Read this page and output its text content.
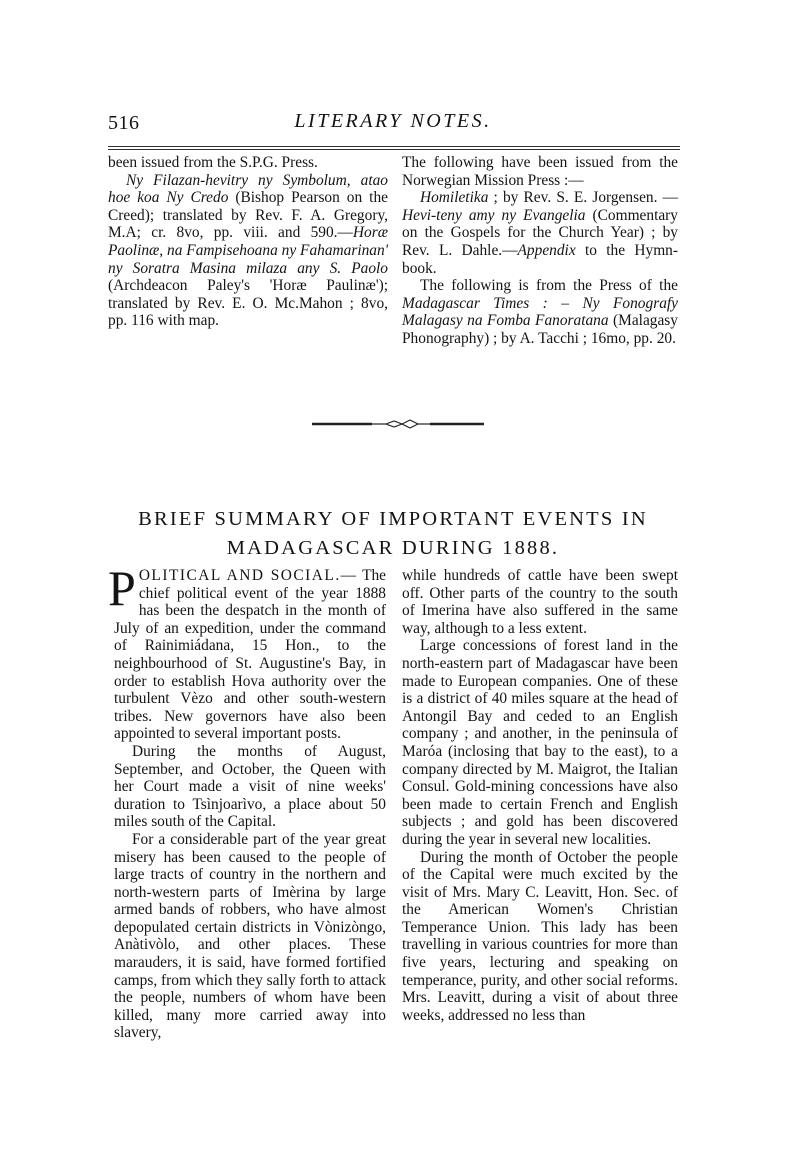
516	LITERARY NOTES.

been issued from the S.P.G. Press.

Ny Filazan-hevitry ny Symbolum, atao hoe koa Ny Credo (Bishop Pearson on the Creed); translated by Rev. F. A. Gregory, M.A; cr. 8vo, pp. viii. and 590.—Horæ Paolinæ, na Fampisehoana ny Fahamarinan' ny Soratra Masina milaza any S. Paolo (Archdeacon Paley's 'Horæ Paulinæ'); translated by Rev. E. O. Mc.Mahon ; 8vo, pp. 116 with map.

The following have been issued from the Norwegian Mission Press :—

Homiletika ; by Rev. S. E. Jorgensen. —Hevi-teny amy ny Evangelia (Commentary on the Gospels for the Church Year) ; by Rev. L. Dahle.—Appendix to the Hymn-book.

The following is from the Press of the Madagascar Times : – Ny Fonografy Malagasy na Fomba Fanoratana (Malagasy Phonography) ; by A. Tacchi ; 16mo, pp. 20.

BRIEF SUMMARY OF IMPORTANT EVENTS IN
MADAGASCAR DURING 1888.

POLITICAL AND SOCIAL.— The chief political event of the year 1888 has been the despatch in the month of July of an expedition, under the command of Rainimiádana, 15 Hon., to the neighbourhood of St. Augustine's Bay, in order to establish Hova authority over the turbulent Vèzo and other south-western tribes. New governors have also been appointed to several important posts.

During the months of August, September, and October, the Queen with her Court made a visit of nine weeks' duration to Tsìnjoarìvo, a place about 50 miles south of the Capital.

For a considerable part of the year great misery has been caused to the people of large tracts of country in the northern and north-western parts of Imèrina by large armed bands of robbers, who have almost depopulated certain districts in Vònizòngo, Anàtivòlo, and other places. These marauders, it is said, have formed fortified camps, from which they sally forth to attack the people, numbers of whom have been killed, many more carried away into slavery,

while hundreds of cattle have been swept off. Other parts of the country to the south of Imerina have also suffered in the same way, although to a less extent.

Large concessions of forest land in the north-eastern part of Madagascar have been made to European companies. One of these is a district of 40 miles square at the head of Antongil Bay and ceded to an English company ; and another, in the peninsula of Maróa (inclosing that bay to the east), to a company directed by M. Maigrot, the Italian Consul. Gold-mining concessions have also been made to certain French and English subjects ; and gold has been discovered during the year in several new localities.

During the month of October the people of the Capital were much excited by the visit of Mrs. Mary C. Leavitt, Hon. Sec. of the American Women's Christian Temperance Union. This lady has been travelling in various countries for more than five years, lecturing and speaking on temperance, purity, and other social reforms. Mrs. Leavitt, during a visit of about three weeks, addressed no less than
